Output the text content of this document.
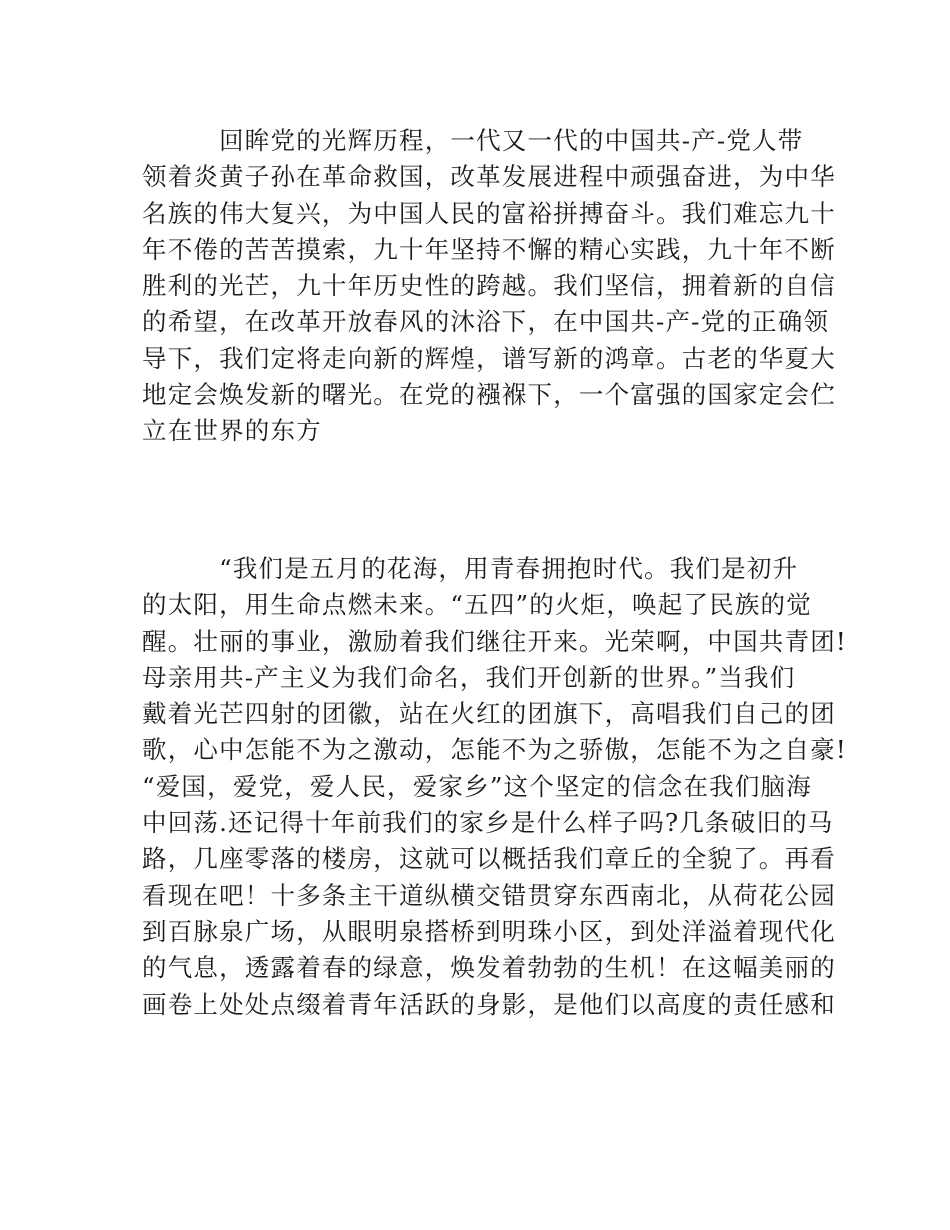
　　　回眸党的光辉历程，一代又一代的中国共-产-党人带
领着炎黄子孙在革命救国，改革发展进程中顽强奋进，为中华
名族的伟大复兴，为中国人民的富裕拼搏奋斗。我们难忘九十
年不倦的苦苦摸索，九十年坚持不懈的精心实践，九十年不断
胜利的光芒，九十年历史性的跨越。我们坚信，拥着新的自信
的希望，在改革开放春风的沐浴下，在中国共-产-党的正确领
导下，我们定将走向新的辉煌，谱写新的鸿章。古老的华夏大
地定会焕发新的曙光。在党的襁褓下，一个富强的国家定会伫
立在世界的东方
　　　“我们是五月的花海，用青春拥抱时代。我们是初升
的太阳，用生命点燃未来。“五四”的火炬，唤起了民族的觉
醒。壮丽的事业，激励着我们继往开来。光荣啊，中国共青团!
母亲用共-产主义为我们命名，我们开创新的世界。”当我们
戴着光芒四射的团徽，站在火红的团旗下，高唱我们自己的团
歌，心中怎能不为之激动，怎能不为之骄傲，怎能不为之自豪!
“爱国，爱党，爱人民，爱家乡”这个坚定的信念在我们脑海
中回荡.还记得十年前我们的家乡是什么样子吗?几条破旧的马
路，几座零落的楼房，这就可以概括我们章丘的全貌了。再看
看现在吧！十多条主干道纵横交错贯穿东西南北，从荷花公园
到百脉泉广场，从眼明泉搭桥到明珠小区，到处洋溢着现代化
的气息，透露着春的绿意，焕发着勃勃的生机！在这幅美丽的
画卷上处处点缀着青年活跃的身影，是他们以高度的责任感和
